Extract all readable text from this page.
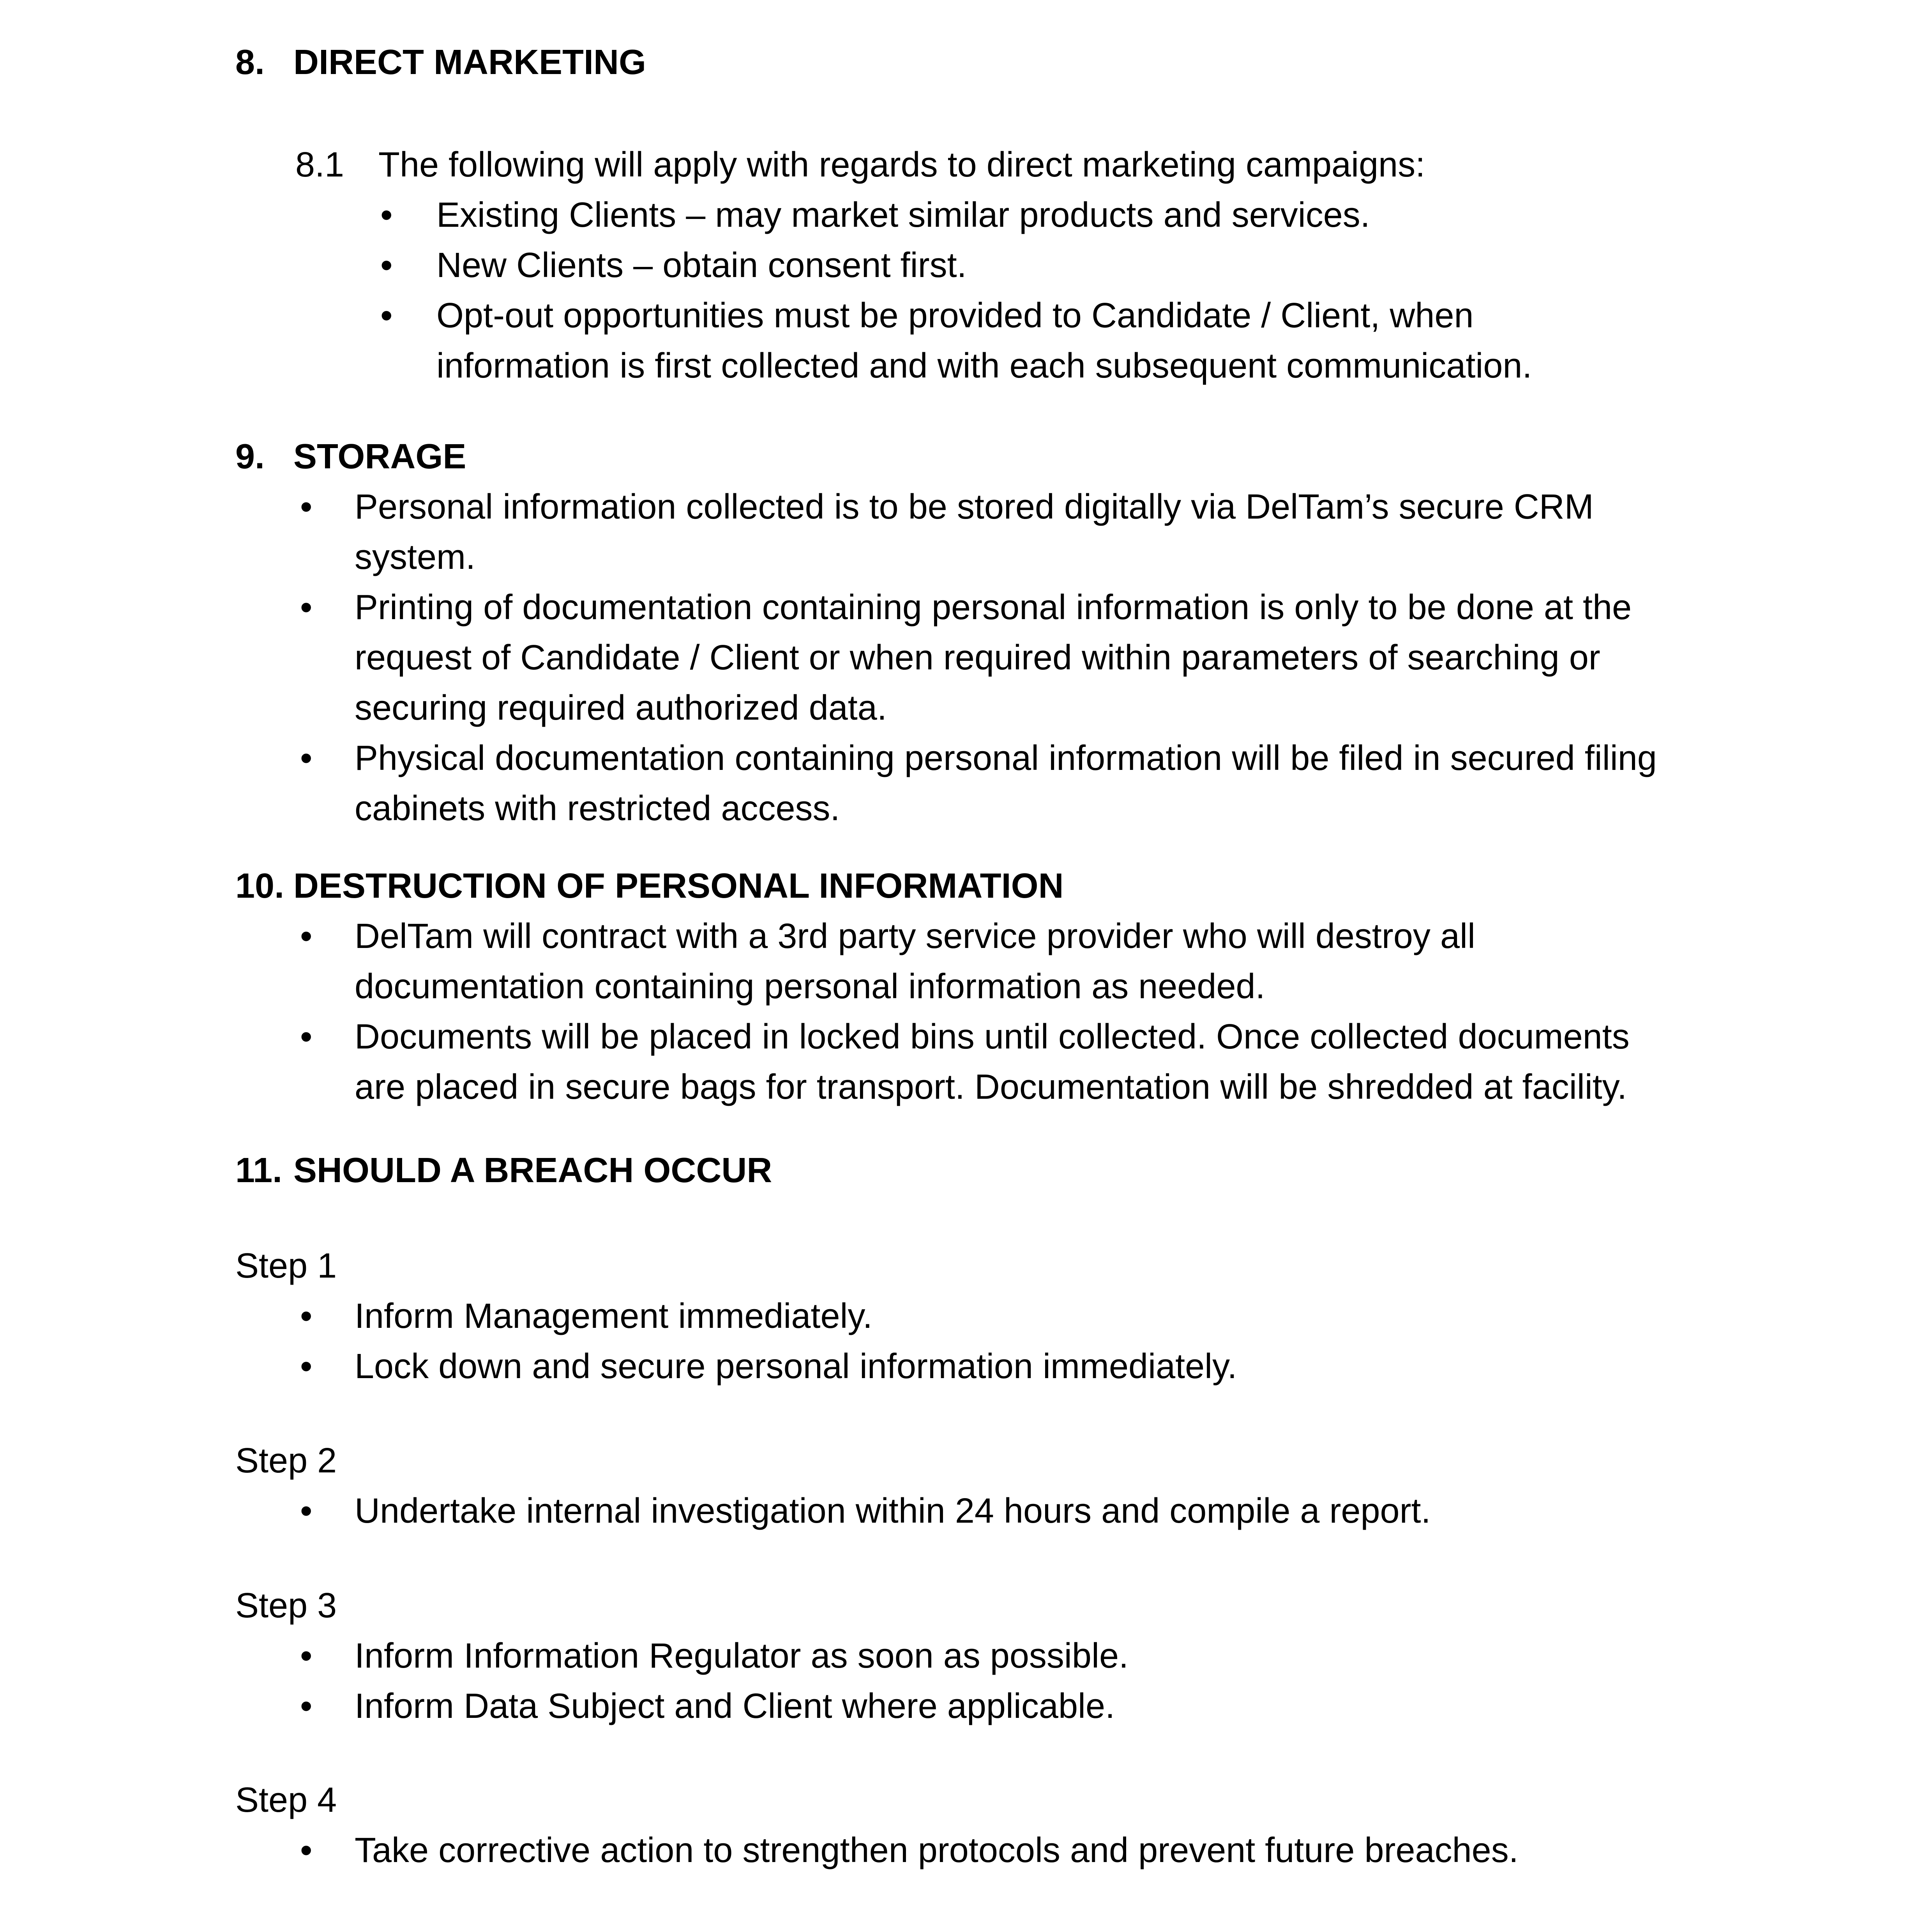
8. DIRECT MARKETING
8.1 The following will apply with regards to direct marketing campaigns:
•	Existing Clients – may market similar products and services.
•	New Clients – obtain consent first.
•	Opt-out opportunities must be provided to Candidate / Client, when
information is first collected and with each subsequent communication.
9. STORAGE
•	Personal information collected is to be stored digitally via DelTam’s secure CRM
system.
•	Printing of documentation containing personal information is only to be done at the
request of Candidate / Client or when required within parameters of searching or
securing required authorized data.
•	Physical documentation containing personal information will be filed in secured filing
cabinets with restricted access.
10. DESTRUCTION OF PERSONAL INFORMATION
•	DelTam will contract with a 3rd party service provider who will destroy all
documentation containing personal information as needed.
•	Documents will be placed in locked bins until collected. Once collected documents
are placed in secure bags for transport. Documentation will be shredded at facility.
11. SHOULD A BREACH OCCUR
Step 1
•	Inform Management immediately.
•	Lock down and secure personal information immediately.
Step 2
•	Undertake internal investigation within 24 hours and compile a report.
Step 3
•	Inform Information Regulator as soon as possible.
•	Inform Data Subject and Client where applicable.
Step 4
•	Take corrective action to strengthen protocols and prevent future breaches.
